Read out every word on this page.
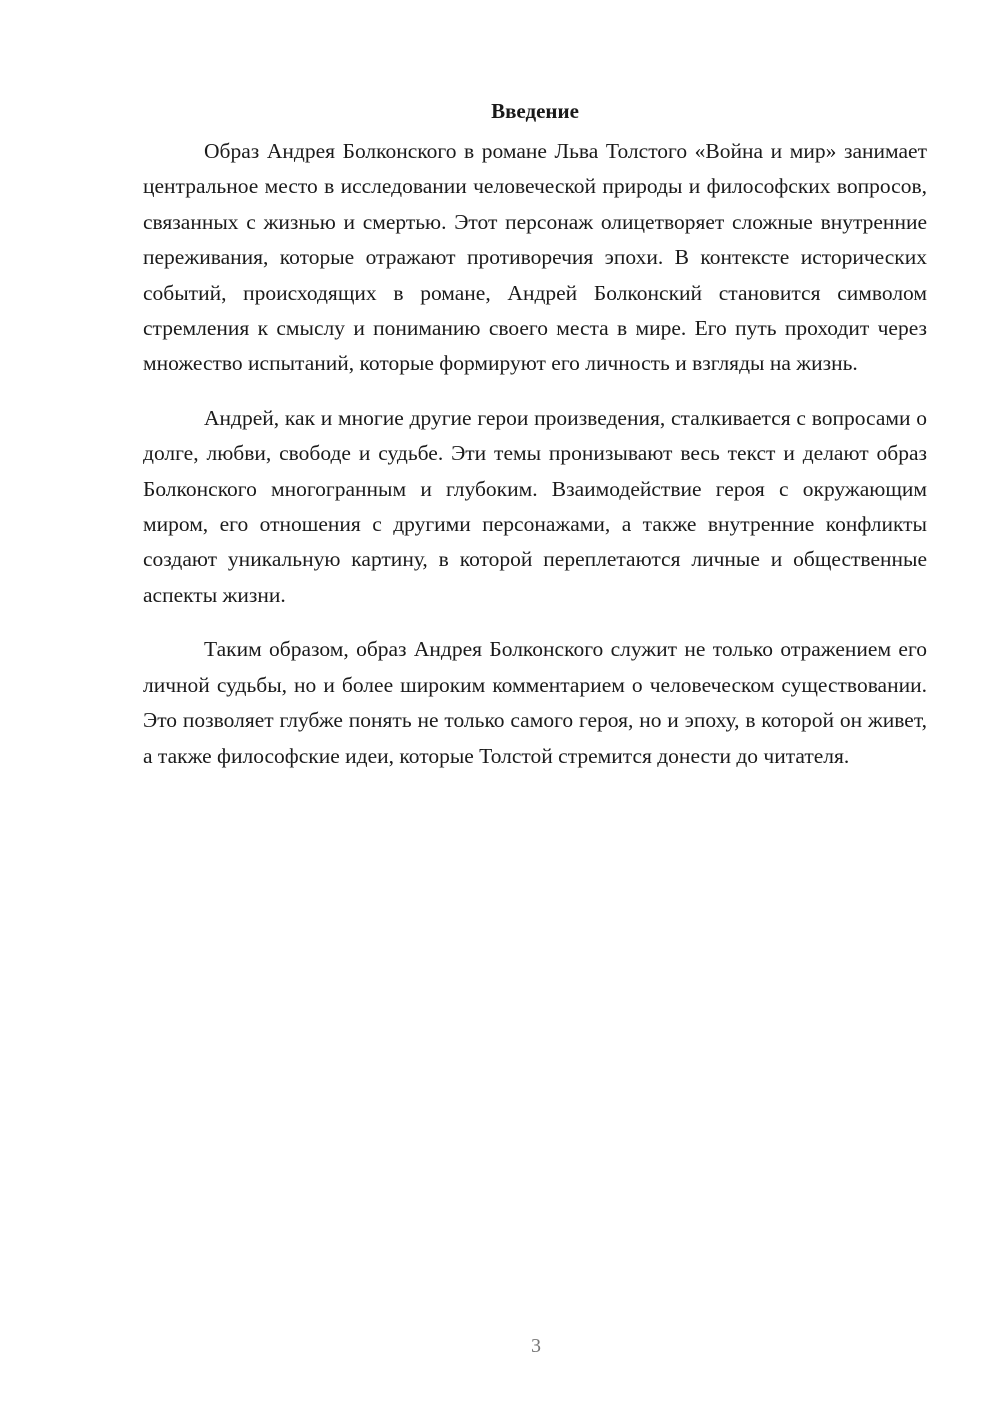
Введение

Образ Андрея Болконского в романе Льва Толстого «Война и мир» занимает центральное место в исследовании человеческой природы и философских вопросов, связанных с жизнью и смертью. Этот персонаж олицетворяет сложные внутренние переживания, которые отражают противоречия эпохи. В контексте исторических событий, происходящих в романе, Андрей Болконский становится символом стремления к смыслу и пониманию своего места в мире. Его путь проходит через множество испытаний, которые формируют его личность и взгляды на жизнь.

Андрей, как и многие другие герои произведения, сталкивается с вопросами о долге, любви, свободе и судьбе. Эти темы пронизывают весь текст и делают образ Болконского многогранным и глубоким. Взаимодействие героя с окружающим миром, его отношения с другими персонажами, а также внутренние конфликты создают уникальную картину, в которой переплетаются личные и общественные аспекты жизни.

Таким образом, образ Андрея Болконского служит не только отражением его личной судьбы, но и более широким комментарием о человеческом существовании. Это позволяет глубже понять не только самого героя, но и эпоху, в которой он живет, а также философские идеи, которые Толстой стремится донести до читателя.

3
